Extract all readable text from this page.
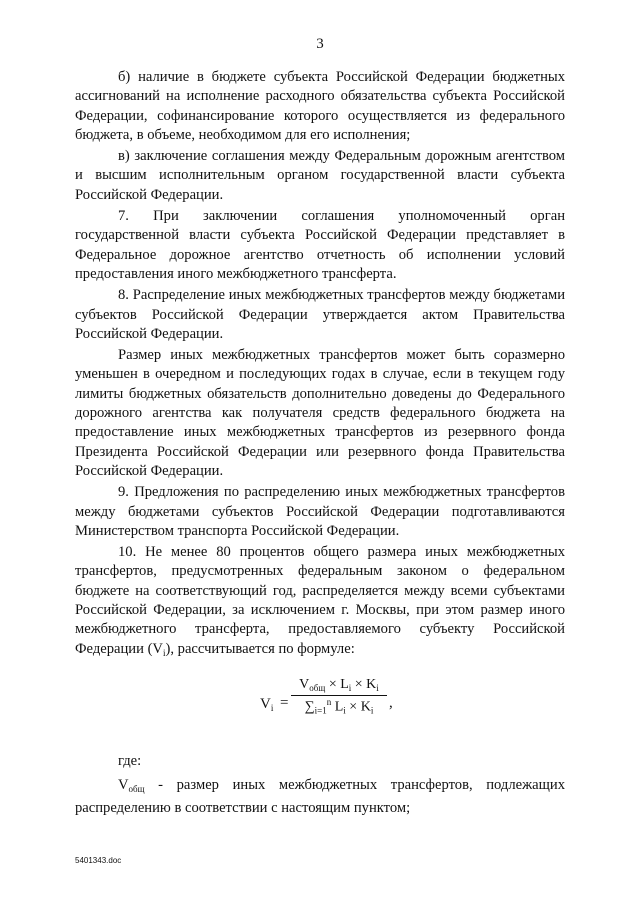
3

б) наличие в бюджете субъекта Российской Федерации бюджетных ассигнований на исполнение расходного обязательства субъекта Российской Федерации, софинансирование которого осуществляется из федерального бюджета, в объеме, необходимом для его исполнения;

в) заключение соглашения между Федеральным дорожным агентством и высшим исполнительным органом государственной власти субъекта Российской Федерации.

7. При заключении соглашения уполномоченный орган государственной власти субъекта Российской Федерации представляет в Федеральное дорожное агентство отчетность об исполнении условий предоставления иного межбюджетного трансферта.

8. Распределение иных межбюджетных трансфертов между бюджетами субъектов Российской Федерации утверждается актом Правительства Российской Федерации.

Размер иных межбюджетных трансфертов может быть соразмерно уменьшен в очередном и последующих годах в случае, если в текущем году лимиты бюджетных обязательств дополнительно доведены до Федерального дорожного агентства как получателя средств федерального бюджета на предоставление иных межбюджетных трансфертов из резервного фонда Президента Российской Федерации или резервного фонда Правительства Российской Федерации.

9. Предложения по распределению иных межбюджетных трансфертов между бюджетами субъектов Российской Федерации подготавливаются Министерством транспорта Российской Федерации.

10. Не менее 80 процентов общего размера иных межбюджетных трансфертов, предусмотренных федеральным законом о федеральном бюджете на соответствующий год, распределяется между всеми субъектами Российской Федерации, за исключением г. Москвы, при этом размер иного межбюджетного трансферта, предоставляемого субъекту Российской Федерации $(V_i)$, рассчитывается по формуле:

$V_i$ =
$V_{общ} \times L_i \times K_i$
$\sum_{i=1}^n$ $L_i \times K_i$	,

где:

$V_{общ}$ - размер иных межбюджетных трансфертов, подлежащих распределению в соответствии с настоящим пунктом;

5401343.doc
